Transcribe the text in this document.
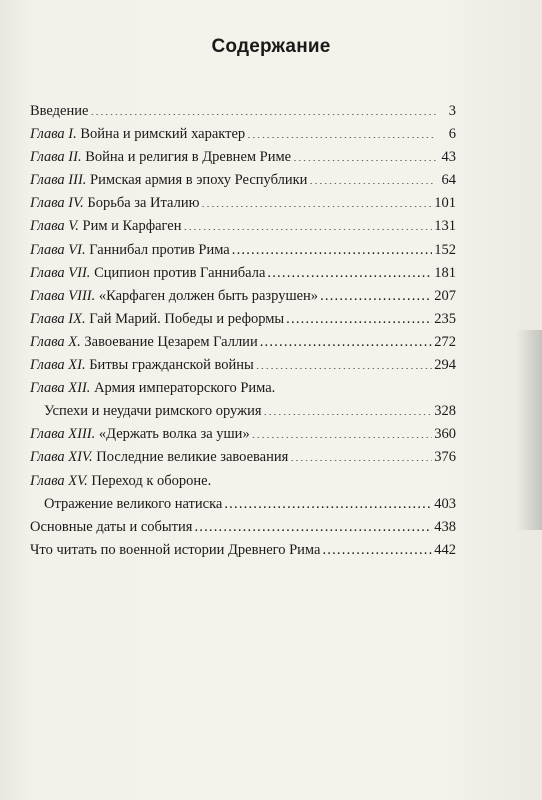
Содержание
Введение .....	3
Глава I. Война и римский характер .....	6
Глава II. Война и религия в Древнем Риме .....	43
Глава III. Римская армия в эпоху Республики .....	64
Глава IV. Борьба за Италию .....	101
Глава V. Рим и Карфаген .....	131
Глава VI. Ганнибал против Рима .....	152
Глава VII. Сципион против Ганнибала .....	181
Глава VIII. «Карфаген должен быть разрушен» .....	207
Глава IX. Гай Марий. Победы и реформы .....	235
Глава X. Завоевание Цезарем Галлии .....	272
Глава XI. Битвы гражданской войны .....	294
Глава XII. Армия императорского Рима.
Успехи и неудачи римского оружия .....	328
Глава XIII. «Держать волка за уши» .....	360
Глава XIV. Последние великие завоевания .....	376
Глава XV. Переход к обороне.
Отражение великого натиска .....	403
Основные даты и события .....	438
Что читать по военной истории Древнего Рима .....	442
